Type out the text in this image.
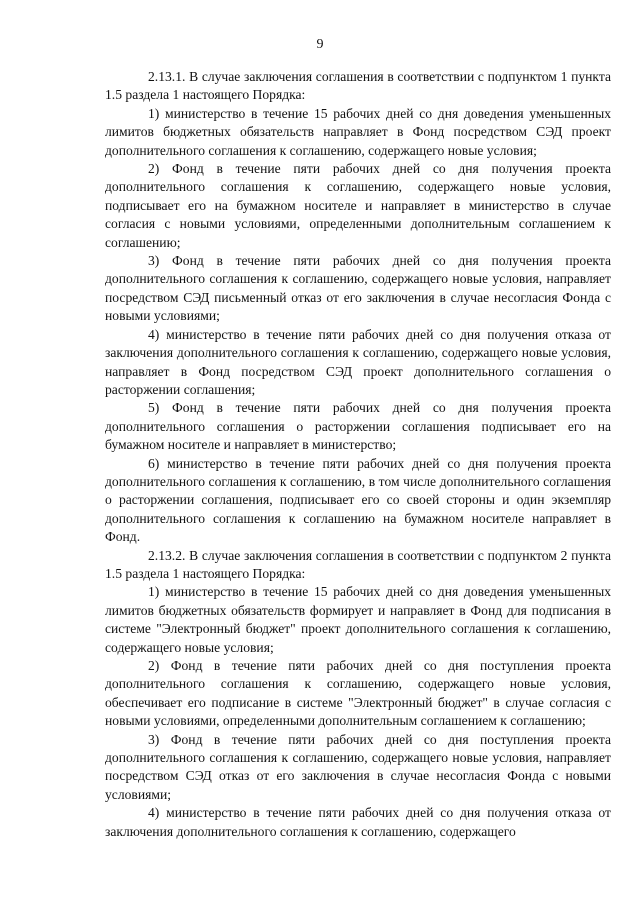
9

2.13.1. В случае заключения соглашения в соответствии с подпунктом 1 пункта 1.5 раздела 1 настоящего Порядка:

1) министерство в течение 15 рабочих дней со дня доведения уменьшенных лимитов бюджетных обязательств направляет в Фонд посредством СЭД проект дополнительного соглашения к соглашению, содержащего новые условия;

2) Фонд в течение пяти рабочих дней со дня получения проекта дополнительного соглашения к соглашению, содержащего новые условия, подписывает его на бумажном носителе и направляет в министерство в случае согласия с новыми условиями, определенными дополнительным соглашением к соглашению;

3) Фонд в течение пяти рабочих дней со дня получения проекта дополнительного соглашения к соглашению, содержащего новые условия, направляет посредством СЭД письменный отказ от его заключения в случае несогласия Фонда с новыми условиями;

4) министерство в течение пяти рабочих дней со дня получения отказа от заключения дополнительного соглашения к соглашению, содержащего новые условия, направляет в Фонд посредством СЭД проект дополнительного соглашения о расторжении соглашения;

5) Фонд в течение пяти рабочих дней со дня получения проекта дополнительного соглашения о расторжении соглашения подписывает его на бумажном носителе и направляет в министерство;

6) министерство в течение пяти рабочих дней со дня получения проекта дополнительного соглашения к соглашению, в том числе дополнительного соглашения о расторжении соглашения, подписывает его со своей стороны и один экземпляр дополнительного соглашения к соглашению на бумажном носителе направляет в Фонд.

2.13.2. В случае заключения соглашения в соответствии с подпунктом 2 пункта 1.5 раздела 1 настоящего Порядка:

1) министерство в течение 15 рабочих дней со дня доведения уменьшенных лимитов бюджетных обязательств формирует и направляет в Фонд для подписания в системе "Электронный бюджет" проект дополнительного соглашения к соглашению, содержащего новые условия;

2) Фонд в течение пяти рабочих дней со дня поступления проекта дополнительного соглашения к соглашению, содержащего новые условия, обеспечивает его подписание в системе "Электронный бюджет" в случае согласия с новыми условиями, определенными дополнительным соглашением к соглашению;

3) Фонд в течение пяти рабочих дней со дня поступления проекта дополнительного соглашения к соглашению, содержащего новые условия, направляет посредством СЭД отказ от его заключения в случае несогласия Фонда с новыми условиями;

4) министерство в течение пяти рабочих дней со дня получения отказа от заключения дополнительного соглашения к соглашению, содержащего
